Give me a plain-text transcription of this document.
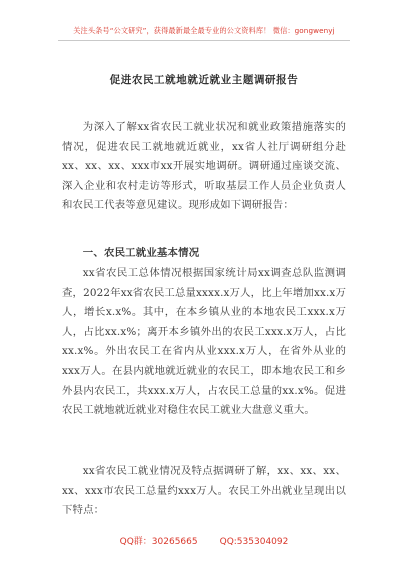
关注头条号“公文研究”，获得最新最全最专业的公文资料库！ 微信：gongwenyj
促进农民工就地就近就业主题调研报告

为深入了解xx省农民工就业状况和就业政策措施落实的情况，促进农民工就地就近就业，xx省人社厅调研组分赴xx、xx、xx、xxx市xx开展实地调研。调研通过座谈交流、深入企业和农村走访等形式，听取基层工作人员企业负责人和农民工代表等意见建议。现形成如下调研报告：

一、农民工就业基本情况

xx省农民工总体情况根据国家统计局xx调查总队监测调查，2022年xx省农民工总量xxxx.x万人，比上年增加xx.x万人，增长x.x%。其中，在本乡镇从业的本地农民工xxx.x万人，占比xx.x%；离开本乡镇外出的农民工xxx.x万人，占比xx.x%。外出农民工在省内从业xxx.x万人，在省外从业的xxx万人。在县内就地就近就业的农民工，即本地农民工和乡外县内农民工，共xxx.x万人，占农民工总量的xx.x%。促进农民工就地就近就业对稳住农民工就业大盘意义重大。

xx省农民工就业情况及特点据调研了解，xx、xx、xx、xx、xxx市农民工总量约xxx万人。农民工外出就业呈现出以下特点：

QQ群：30265665 QQ:535304092
